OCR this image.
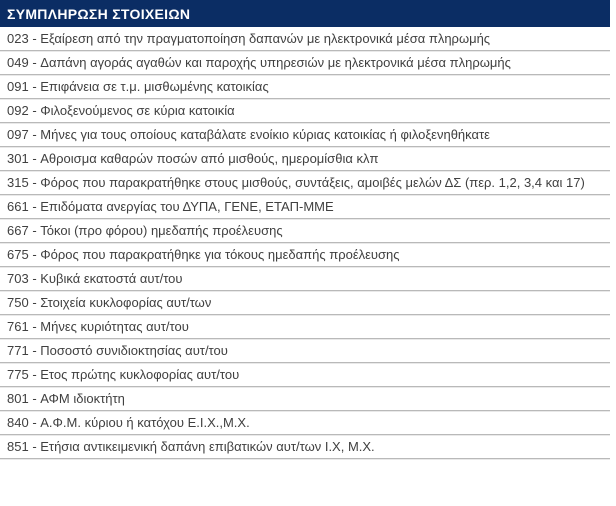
ΣΥΜΠΛΗΡΩΣΗ ΣΤΟΙΧΕΙΩΝ
023 - Εξαίρεση από την πραγματοποίηση δαπανών με ηλεκτρονικά μέσα πληρωμής
049 - Δαπάνη αγοράς αγαθών και παροχής υπηρεσιών με ηλεκτρονικά μέσα πληρωμής
091 - Επιφάνεια σε τ.μ. μισθωμένης κατοικίας
092 - Φιλοξενούμενος σε κύρια κατοικία
097 - Μήνες για τους οποίους καταβάλατε ενοίκιο κύριας κατοικίας ή φιλοξενηθήκατε
301 - Αθροισμα καθαρών ποσών από μισθούς, ημερομίσθια κλπ
315 - Φόρος που παρακρατήθηκε στους μισθούς, συντάξεις, αμοιβές μελών ΔΣ (περ. 1,2, 3,4 και 17)
661 - Επιδόματα ανεργίας του ΔΥΠΑ, ΓΕΝΕ, ΕΤΑΠ-ΜΜΕ
667 - Τόκοι (προ φόρου) ημεδαπής προέλευσης
675 - Φόρος που παρακρατήθηκε για τόκους ημεδαπής προέλευσης
703 - Κυβικά εκατοστά αυτ/του
750 - Στοιχεία κυκλοφορίας αυτ/των
761 - Μήνες κυριότητας αυτ/του
771 - Ποσοστό συνιδιοκτησίας αυτ/του
775 - Ετος πρώτης κυκλοφορίας αυτ/του
801 - ΑΦΜ ιδιοκτήτη
840 - Α.Φ.Μ. κύριου ή κατόχου Ε.Ι.Χ.,Μ.Χ.
851 - Ετήσια αντικειμενική δαπάνη επιβατικών αυτ/των Ι.Χ, Μ.Χ.
